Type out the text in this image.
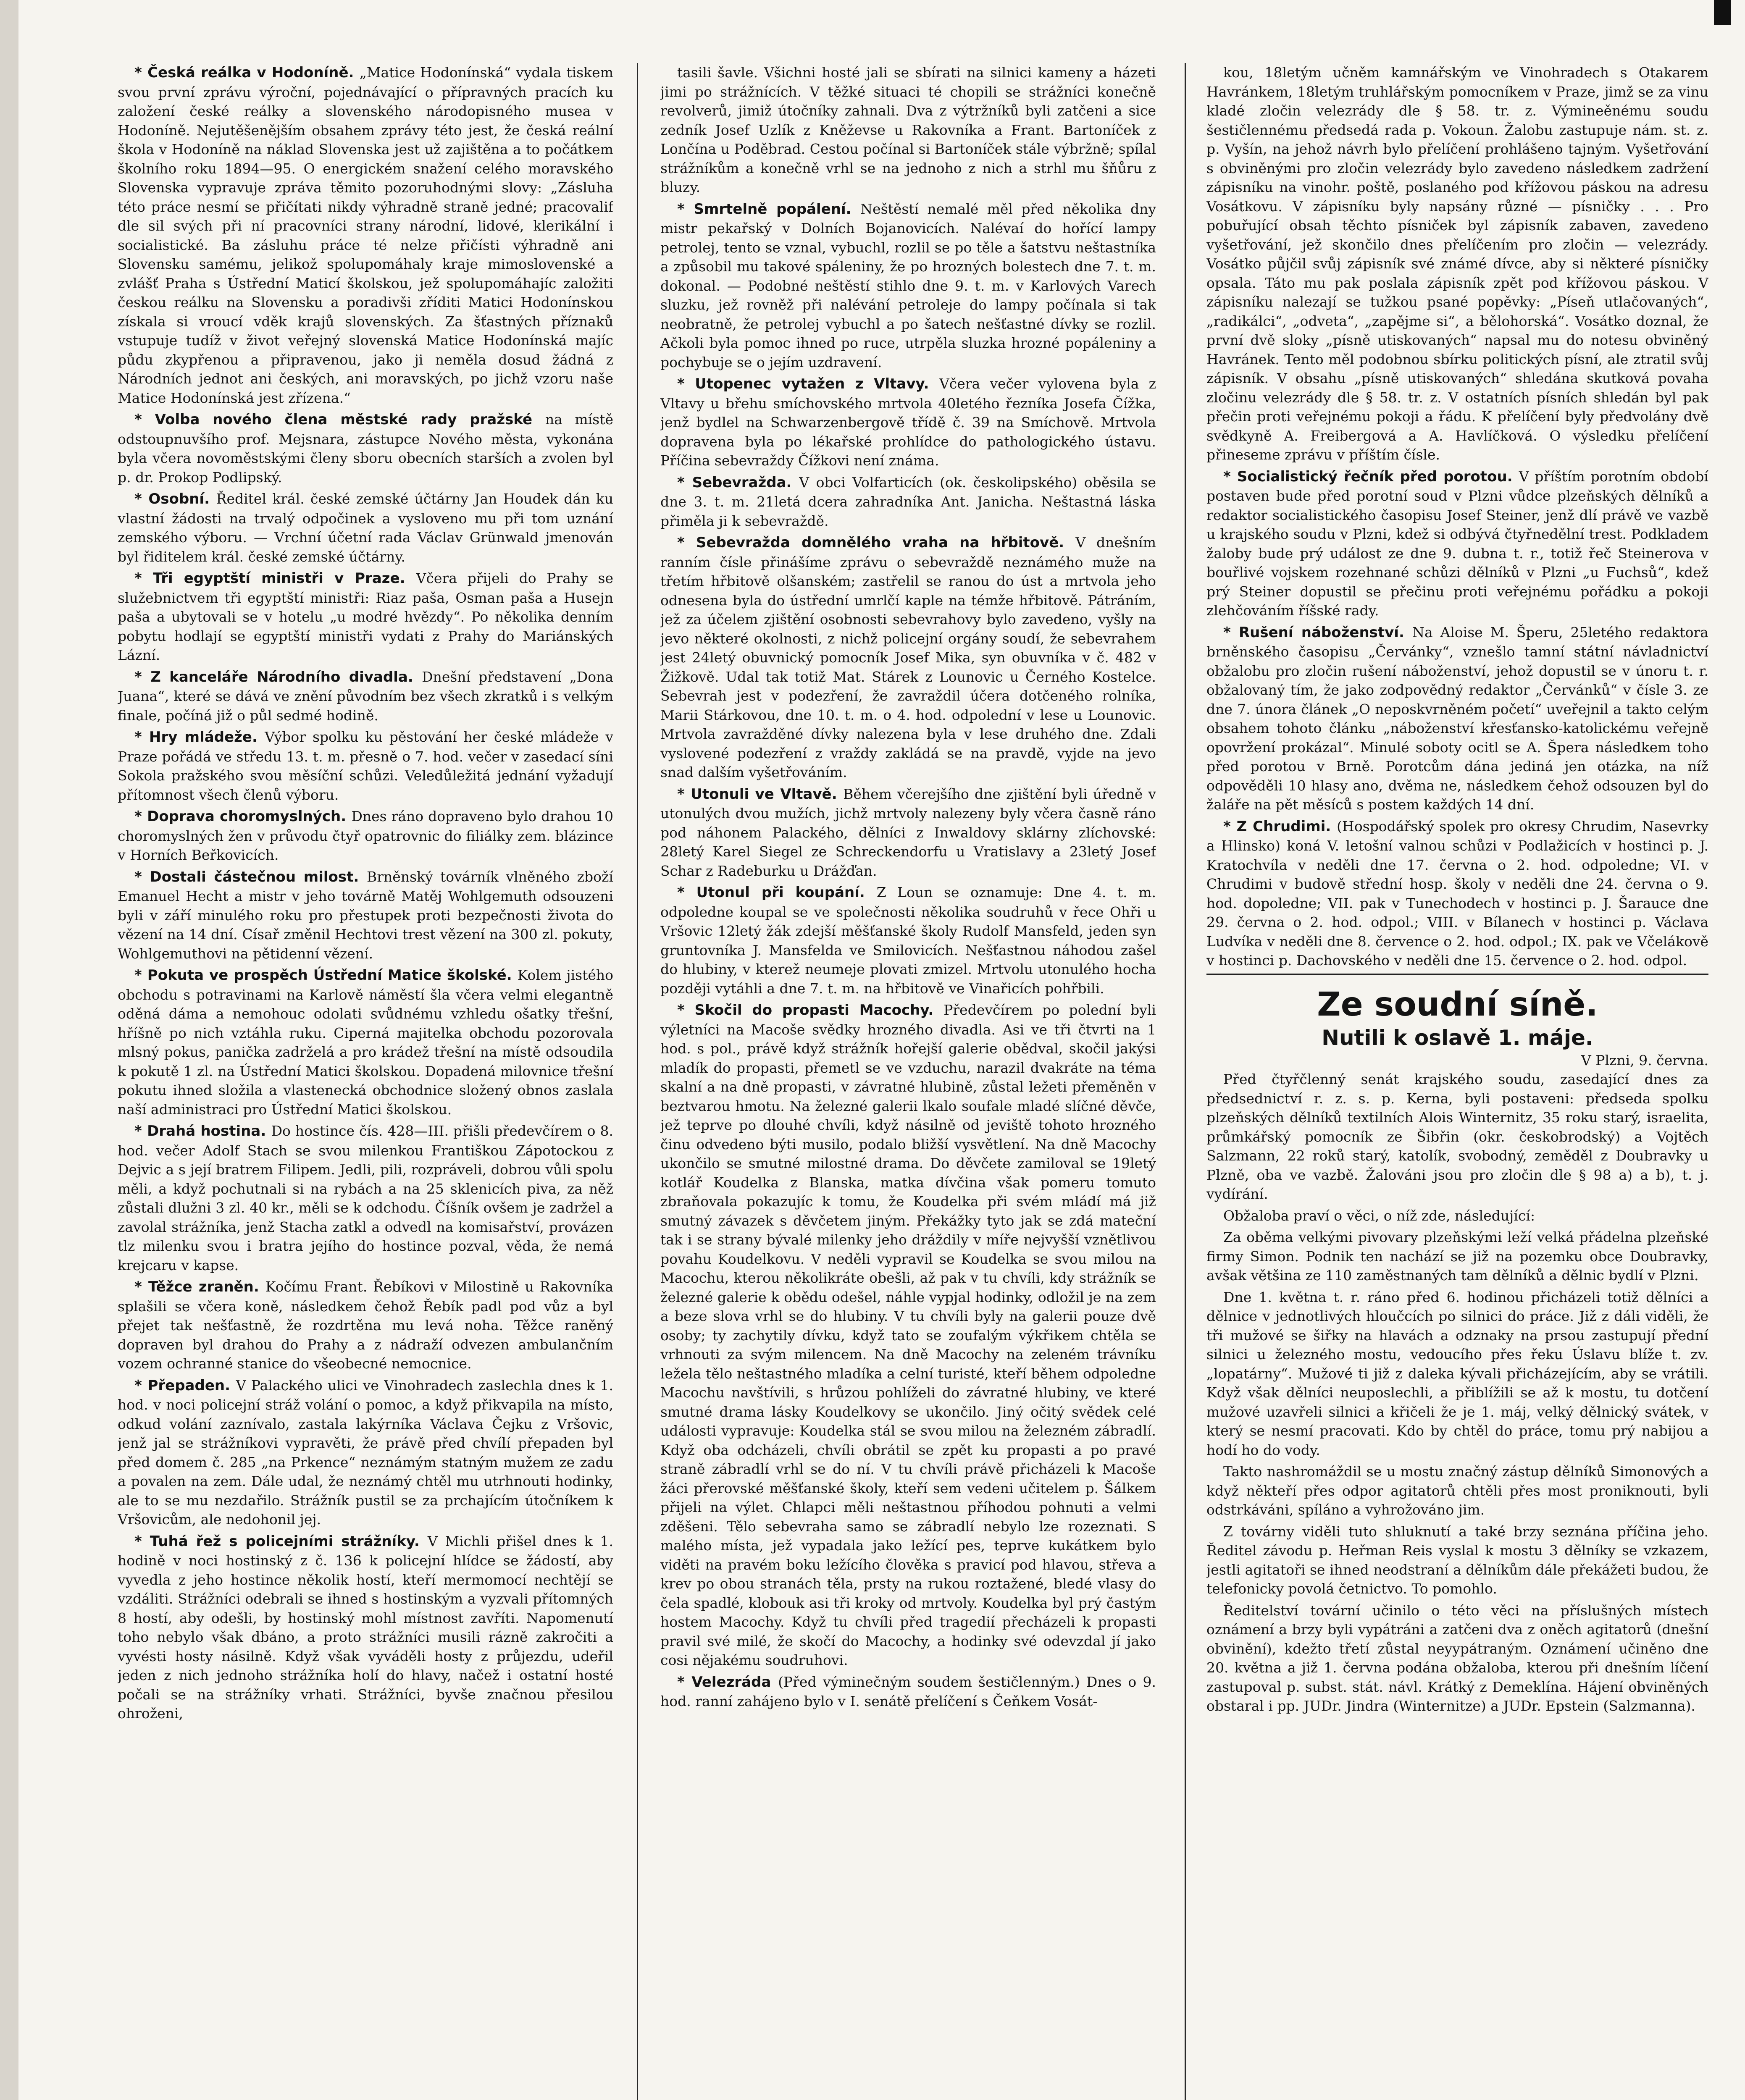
* Česká reálka v Hodoníně. „Matice Hodonínská“ vydala tiskem svou první zprávu výroční, pojednávající o přípravných pracích ku založení české reálky a slovenského národopisného musea v Hodoníně. Nejutěšenějším obsahem zprávy této jest, že česká reální škola v Hodoníně na náklad Slovenska jest už zajištěna a to počátkem školního roku 1894—95. O energickém snažení celého moravského Slovenska vypravuje zpráva těmito pozoruhodnými slovy: „Zásluha této práce nesmí se přičítati nikdy výhradně straně jedné; pracovalif dle sil svých při ní pracovníci strany národní, lidové, klerikální i socialistické. Ba zásluhu práce té nelze přičísti výhradně ani Slovensku samému, jelikož spolupomáhaly kraje mimoslovenské a zvlášť Praha s Ústřední Maticí školskou, jež spolupomáhajíc založiti českou reálku na Slovensku a poradivši zříditi Matici Hodonínskou získala si vroucí vděk krajů slovenských. Za šťastných příznaků vstupuje tudíž v život veřejný slovenská Matice Hodonínská majíc půdu zkypřenou a připravenou, jako ji neměla dosud žádná z Národních jednot ani českých, ani moravských, po jichž vzoru naše Matice Hodonínská jest zřízena.“

* Volba nového člena městské rady pražské na místě odstoupnuvšího prof. Mejsnara, zástupce Nového města, vykonána byla včera novoměstskými členy sboru obecních starších a zvolen byl p. dr. Prokop Podlipský.

* Osobní. Ředitel král. české zemské účtárny Jan Houdek dán ku vlastní žádosti na trvalý odpočinek a vysloveno mu při tom uznání zemského výboru. — Vrchní účetní rada Václav Grünwald jmenován byl řiditelem král. české zemské účtárny.

* Tři egyptští ministři v Praze. Včera přijeli do Prahy se služebnictvem tři egyptští ministři: Riaz paša, Osman paša a Husejn paša a ubytovali se v hotelu „u modré hvězdy“. Po několika denním pobytu hodlají se egyptští ministři vydati z Prahy do Mariánských Lázní.

* Z kanceláře Národního divadla. Dnešní představení „Dona Juana“, které se dává ve znění původním bez všech zkratků i s velkým finale, počíná již o půl sedmé hodině.

* Hry mládeže. Výbor spolku ku pěstování her české mládeže v Praze pořádá ve středu 13. t. m. přesně o 7. hod. večer v zasedací síni Sokola pražského svou měsíční schůzi. Veledůležitá jednání vyžadují přítomnost všech členů výboru.

* Doprava choromyslných. Dnes ráno dopraveno bylo drahou 10 choromyslných žen v průvodu čtyř opatrovnic do filiálky zem. blázince v Horních Beřkovicích.

* Dostali částečnou milost. Brněnský továrník vlněného zboží Emanuel Hecht a mistr v jeho továrně Matěj Wohlgemuth odsouzeni byli v září minulého roku pro přestupek proti bezpečnosti života do vězení na 14 dní. Císař změnil Hechtovi trest vězení na 300 zl. pokuty, Wohlgemuthovi na pětidenní vězení.

* Pokuta ve prospěch Ústřední Matice školské. Kolem jistého obchodu s potravinami na Karlově náměstí šla včera velmi elegantně oděná dáma a nemohouc odolati svůdnému vzhledu ošatky třešní, hříšně po nich vztáhla ruku. Ciperná majitelka obchodu pozorovala mlsný pokus, panička zadrželá a pro krádež třešní na místě odsoudila k pokutě 1 zl. na Ústřední Matici školskou. Dopadená milovnice třešní pokutu ihned složila a vlastenecká obchodnice složený obnos zaslala naší administraci pro Ústřední Matici školskou.

* Drahá hostina. Do hostince čís. 428—III. přišli předevčírem o 8. hod. večer Adolf Stach se svou milenkou Františkou Zápotockou z Dejvic a s její bratrem Filipem. Jedli, pili, rozpráveli, dobrou vůli spolu měli, a když pochutnali si na rybách a na 25 sklenicích piva, za něž zůstali dlužni 3 zl. 40 kr., měli se k odchodu. Číšník ovšem je zadržel a zavolal strážníka, jenž Stacha zatkl a odvedl na komisařství, provázen tlz milenku svou i bratra jejího do hostince pozval, věda, že nemá krejcaru v kapse.

* Těžce zraněn. Kočímu Frant. Řebíkovi v Milostině u Rakovníka splašili se včera koně, následkem čehož Řebík padl pod vůz a byl přejet tak nešťastně, že rozdrtěna mu levá noha. Těžce raněný dopraven byl drahou do Prahy a z nádraží odvezen ambulančním vozem ochranné stanice do všeobecné nemocnice.

* Přepaden. V Palackého ulici ve Vinohradech zaslechla dnes k 1. hod. v noci policejní stráž volání o pomoc, a když přikvapila na místo, odkud volání zaznívalo, zastala lakýrníka Václava Čejku z Vršovic, jenž jal se strážníkovi vypravěti, že právě před chvílí přepaden byl před domem č. 285 „na Prkence“ neznámým statným mužem ze zadu a povalen na zem. Dále udal, že neznámý chtěl mu utrhnouti hodinky, ale to se mu nezdařilo. Strážník pustil se za prchajícím útočníkem k Vršovicům, ale nedohonil jej.

* Tuhá řež s policejními strážníky. V Michli přišel dnes k 1. hodině v noci hostinský z č. 136 k policejní hlídce se žádostí, aby vyvedla z jeho hostince několik hostí, kteří mermomocí nechtějí se vzdáliti. Strážníci odebrali se ihned s hostinským a vyzvali přítomných 8 hostí, aby odešli, by hostinský mohl místnost zavříti. Napomenutí toho nebylo však dbáno, a proto strážníci musili rázně zakročiti a vyvésti hosty násilně. Když však vyváděli hosty z průjezdu, udeřil jeden z nich jednoho strážníka holí do hlavy, načež i ostatní hosté počali se na strážníky vrhati. Strážníci, byvše značnou přesilou ohroženi,

tasili šavle. Všichni hosté jali se sbírati na silnici kameny a házeti jimi po strážnících. V těžké situaci té chopili se strážníci konečně revolverů, jimiž útočníky zahnali. Dva z výtržníků byli zatčeni a sice zedník Josef Uzlík z Kněževse u Rakovníka a Frant. Bartoníček z Lončína u Poděbrad. Cestou počínal si Bartoníček stále výbržně; spílal strážníkům a konečně vrhl se na jednoho z nich a strhl mu šňůru z bluzy.

* Smrtelně popálení. Neštěstí nemalé měl před několika dny mistr pekařský v Dolních Bojanovicích. Nalévaí do hořící lampy petrolej, tento se vznal, vybuchl, rozlil se po těle a šatstvu neštastníka a způsobil mu takové spáleniny, že po hrozných bolestech dne 7. t. m. dokonal. — Podobné neštěstí stihlo dne 9. t. m. v Karlových Varech sluzku, jež rovněž při nalévání petroleje do lampy počínala si tak neobratně, že petrolej vybuchl a po šatech nešťastné dívky se rozlil. Ačkoli byla pomoc ihned po ruce, utrpěla sluzka hrozné popáleniny a pochybuje se o jejím uzdravení.

* Utopenec vytažen z Vltavy. Včera večer vylovena byla z Vltavy u břehu smíchovského mrtvola 40letého řezníka Josefa Čížka, jenž bydlel na Schwarzenbergově třídě č. 39 na Smíchově. Mrtvola dopravena byla po lékařské prohlídce do pathologického ústavu. Příčina sebevraždy Čížkovi není známa.

* Sebevražda. V obci Volfarticích (ok. českolipského) oběsila se dne 3. t. m. 21letá dcera zahradníka Ant. Janicha. Neštastná láska přiměla ji k sebevraždě.

* Sebevražda domnělého vraha na hřbitově. V dnešním ranním čísle přinášíme zprávu o sebevraždě neznámého muže na třetím hřbitově olšanském; zastřelil se ranou do úst a mrtvola jeho odnesena byla do ústřední umrlčí kaple na témže hřbitově. Pátráním, jež za účelem zjištění osobnosti sebevrahovy bylo zavedeno, vyšly na jevo některé okolnosti, z nichž policejní orgány soudí, že sebevrahem jest 24letý obuvnický pomocník Josef Mika, syn obuvníka v č. 482 v Žižkově. Udal tak totiž Mat. Stárek z Lounovic u Černého Kostelce. Sebevrah jest v podezření, že zavraždil účera dotčeného rolníka, Marii Stárkovou, dne 10. t. m. o 4. hod. odpolední v lese u Lounovic. Mrtvola zavražděné dívky nalezena byla v lese druhého dne. Zdali vyslovené podezření z vraždy zakládá se na pravdě, vyjde na jevo snad dalším vyšetřováním.

* Utonuli ve Vltavě. Během včerejšího dne zjištění byli úředně v utonulých dvou mužích, jichž mrtvoly nalezeny byly včera časně ráno pod náhonem Palackého, dělníci z Inwaldovy sklárny zlíchovské: 28letý Karel Siegel ze Schreckendorfu u Vratislavy a 23letý Josef Schar z Radeburku u Drážďan.

* Utonul při koupání. Z Loun se oznamuje: Dne 4. t. m. odpoledne koupal se ve společnosti několika soudruhů v řece Ohři u Vršovic 12letý žák zdejší měšťanské školy Rudolf Mansfeld, jeden syn gruntovníka J. Mansfelda ve Smilovicích. Nešťastnou náhodou zašel do hlubiny, v kterež neumeje plovati zmizel. Mrtvolu utonulého hocha později vytáhli a dne 7. t. m. na hřbitově ve Vinařicích pohřbili.

* Skočil do propasti Macochy. Předevčírem po polední byli výletníci na Macoše svědky hrozného divadla. Asi ve tři čtvrti na 1 hod. s pol., právě když strážník hořejší galerie obědval, skočil jakýsi mladík do propasti, přemetl se ve vzduchu, narazil dvakráte na téma skalní a na dně propasti, v závratné hlubině, zůstal ležeti přeměněn v beztvarou hmotu. Na železné galerii lkalo soufale mladé slíčné děvče, jež teprve po dlouhé chvíli, když násilně od jeviště tohoto hrozného činu odvedeno býti musilo, podalo bližší vysvětlení. Na dně Macochy ukončilo se smutné milostné drama. Do děvčete zamiloval se 19letý kotlář Koudelka z Blanska, matka dívčina však pomeru tomuto zbraňovala pokazujíc k tomu, že Koudelka při svém mládí má již smutný závazek s děvčetem jiným. Překážky tyto jak se zdá mateční tak i se strany bývalé milenky jeho dráždily v míře nejvyšší vznětlivou povahu Koudelkovu. V neděli vypravil se Koudelka se svou milou na Macochu, kterou několikráte obešli, až pak v tu chvíli, kdy strážník se železné galerie k obědu odešel, náhle vypjal hodinky, odložil je na zem a beze slova vrhl se do hlubiny. V tu chvíli byly na galerii pouze dvě osoby; ty zachytily dívku, když tato se zoufalým výkřikem chtěla se vrhnouti za svým milencem. Na dně Macochy na zeleném trávníku ležela tělo neštastného mladíka a celní turisté, kteří během odpoledne Macochu navštívili, s hrůzou pohlíželi do závratné hlubiny, ve které smutné drama lásky Koudelkovy se ukončilo. Jiný očitý svědek celé události vypravuje: Koudelka stál se svou milou na železném zábradlí. Když oba odcházeli, chvíli obrátil se zpět ku propasti a po pravé straně zábradlí vrhl se do ní. V tu chvíli právě přicházeli k Macoše žáci přerovské měšťanské školy, kteří sem vedeni učitelem p. Šálkem přijeli na výlet. Chlapci měli neštastnou příhodou pohnuti a velmi zděšeni. Tělo sebevraha samo se zábradlí nebylo lze rozeznati. S malého místa, jež vypadala jako ležící pes, teprve kukátkem bylo viděti na pravém boku ležícího člověka s pravicí pod hlavou, střeva a krev po obou stranách těla, prsty na rukou roztažené, bledé vlasy do čela spadlé, klobouk asi tři kroky od mrtvoly. Koudelka byl prý častým hostem Macochy. Když tu chvíli před tragedií přecházeli k propasti pravil své milé, že skočí do Macochy, a hodinky své odevzdal jí jako cosi nějakému soudruhovi.

* Velezráda (Před výminečným soudem šestičlenným.) Dnes o 9. hod. ranní zahájeno bylo v I. senátě přelíčení s Čeňkem Vosát-

kou, 18letým učněm kamnářským ve Vinohradech s Otakarem Havránkem, 18letým truhlářským pomocníkem v Praze, jimž se za vinu kladé zločin velezrády dle § 58. tr. z. Výmineěnému soudu šestičlennému předsedá rada p. Vokoun. Žalobu zastupuje nám. st. z. p. Vyšín, na jehož návrh bylo přelíčení prohlášeno tajným. Vyšetřování s obviněnými pro zločin velezrády bylo zavedeno následkem zadržení zápisníku na vinohr. poště, poslaného pod křížovou páskou na adresu Vosátkovu. V zápisníku byly napsány různé — písničky . . . Pro pobuřující obsah těchto písniček byl zápisník zabaven, zavedeno vyšetřování, jež skončilo dnes přelíčením pro zločin — velezrády. Vosátko půjčil svůj zápisník své známé dívce, aby si některé písničky opsala. Táto mu pak poslala zápisník zpět pod křížovou páskou. V zápisníku nalezají se tužkou psané popěvky: „Píseň utlačovaných“, „radikálci“, „odveta“, „zapějme si“, a bělohorská“. Vosátko doznal, že první dvě sloky „písně utiskovaných“ napsal mu do notesu obviněný Havránek. Tento měl podobnou sbírku politických písní, ale ztratil svůj zápisník. V obsahu „písně utiskovaných“ shledána skutková povaha zločinu velezrády dle § 58. tr. z. V ostatních písních shledán byl pak přečin proti veřejnému pokoji a řádu. K přelíčení byly předvolány dvě svědkyně A. Freibergová a A. Havlíčková. O výsledku přelíčení přineseme zprávu v příštím čísle.

* Socialistický řečník před porotou. V příštím porotním období postaven bude před porotní soud v Plzni vůdce plzeňských dělníků a redaktor socialistického časopisu Josef Steiner, jenž dlí právě ve vazbě u krajského soudu v Plzni, kdež si odbývá čtyřnedělní trest. Podkladem žaloby bude prý událost ze dne 9. dubna t. r., totiž řeč Steinerova v bouřlivé vojskem rozehnané schůzi dělníků v Plzni „u Fuchsů“, kdež prý Steiner dopustil se přečinu proti veřejnému pořádku a pokoji zlehčováním říšské rady.

* Rušení náboženství. Na Aloise M. Šperu, 25letého redaktora brněnského časopisu „Červánky“, vznešlo tamní státní návladnictví obžalobu pro zločin rušení náboženství, jehož dopustil se v únoru t. r. obžalovaný tím, že jako zodpovědný redaktor „Červánků“ v čísle 3. ze dne 7. února článek „O neposkvrněném početí“ uveřejnil a takto celým obsahem tohoto článku „náboženství křesťansko-katolickému veřejně opovržení prokázal“. Minulé soboty ocitl se A. Špera následkem toho před porotou v Brně. Porotcům dána jediná jen otázka, na níž odpověděli 10 hlasy ano, dvěma ne, následkem čehož odsouzen byl do žaláře na pět měsíců s postem každých 14 dní.

* Z Chrudimi. (Hospodářský spolek pro okresy Chrudim, Nasevrky a Hlinsko) koná V. letošní valnou schůzi v Podlažicích v hostinci p. J. Kratochvíla v neděli dne 17. června o 2. hod. odpoledne; VI. v Chrudimi v budově střední hosp. školy v neděli dne 24. června o 9. hod. dopoledne; VII. pak v Tunechodech v hostinci p. J. Šarauce dne 29. června o 2. hod. odpol.; VIII. v Bílanech v hostinci p. Václava Ludvíka v neděli dne 8. července o 2. hod. odpol.; IX. pak ve Včelákově v hostinci p. Dachovského v neděli dne 15. července o 2. hod. odpol.

Ze soudní síně.

Nutili k oslavě 1. máje.

V Plzni, 9. června.

Před čtyřčlenný senát krajského soudu, zasedající dnes za předsednictví r. z. s. p. Kerna, byli postaveni: předseda spolku plzeňských dělníků textilních Alois Winternitz, 35 roku starý, israelita, průmkářský pomocník ze Šibřin (okr. českobrodský) a Vojtěch Salzmann, 22 roků starý, katolík, svobodný, zeměděl z Doubravky u Plzně, oba ve vazbě. Žalováni jsou pro zločin dle § 98 a) a b), t. j. vydírání.

Obžaloba praví o věci, o níž zde, následující:

Za oběma velkými pivovary plzeňskými leží velká přádelna plzeňské firmy Simon. Podnik ten nachází se již na pozemku obce Doubravky, avšak většina ze 110 zaměstnaných tam dělníků a dělnic bydlí v Plzni.

Dne 1. května t. r. ráno před 6. hodinou přicházeli totiž dělníci a dělnice v jednotlivých hloučcích po silnici do práce. Již z dáli viděli, že tři mužové se šiřky na hlavách a odznaky na prsou zastupují přední silnici u železného mostu, vedoucího přes řeku Úslavu blíže t. zv. „lopatárny“. Mužové ti již z daleka kývali přicházejícím, aby se vrátili. Když však dělníci neuposlechli, a přiblížili se až k mostu, tu dotčení mužové uzavřeli silnici a křičeli že je 1. máj, velký dělnický svátek, v který se nesmí pracovati. Kdo by chtěl do práce, tomu prý nabijou a hodí ho do vody.

Takto nashromáždil se u mostu značný zástup dělníků Simonových a když někteří přes odpor agitatorů chtěli přes most proniknouti, byli odstrkáváni, spíláno a vyhrožováno jim.

Z továrny viděli tuto shluknutí a také brzy seznána příčina jeho. Ředitel závodu p. Heřman Reis vyslal k mostu 3 dělníky se vzkazem, jestli agitatoři se ihned neodstraní a dělníkům dále překážeti budou, že telefonicky povolá četnictvo. To pomohlo.

Ředitelství tovární učinilo o této věci na příslušných místech oznámení a brzy byli vypátráni a zatčeni dva z oněch agitatorů (dnešní obvinění), kdežto třetí zůstal neyypátraným. Oznámení učiněno dne 20. května a již 1. června podána obžaloba, kterou při dnešním líčení zastupoval p. subst. stát. návl. Krátký z Demeklína. Hájení obviněných obstaral i pp. JUDr. Jindra (Winternitze) a JUDr. Epstein (Salzmanna).
